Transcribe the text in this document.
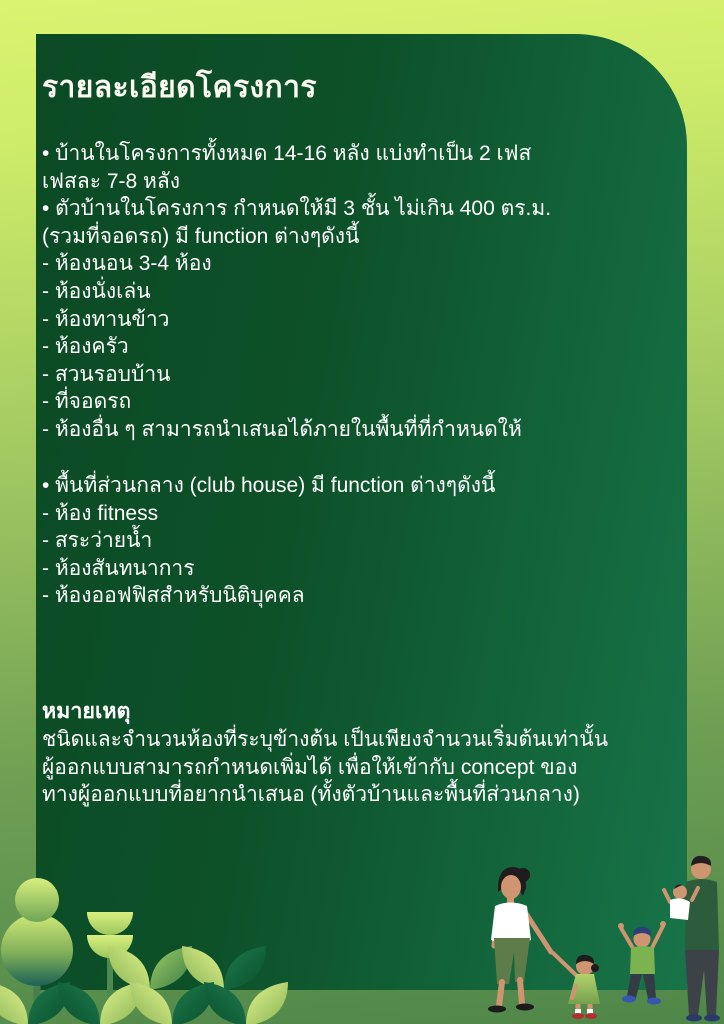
รายละเอียดโครงการ
• บ้านในโครงการทั้งหมด 14-16 หลัง แบ่งทำเป็น 2 เฟส
เฟสละ 7-8 หลัง
• ตัวบ้านในโครงการ กำหนดให้มี 3 ชั้น ไม่เกิน 400 ตร.ม.
(รวมที่จอดรถ) มี function ต่างๆดังนี้
- ห้องนอน 3-4 ห้อง
- ห้องนั่งเล่น
- ห้องทานข้าว
- ห้องครัว
- สวนรอบบ้าน
- ที่จอดรถ
- ห้องอื่น ๆ สามารถนำเสนอได้ภายในพื้นที่ที่กำหนดให้
• พื้นที่ส่วนกลาง (club house) มี function ต่างๆดังนี้
- ห้อง fitness
- สระว่ายน้ำ
- ห้องสันทนาการ
- ห้องออฟฟิสสำหรับนิติบุคคล
หมายเหตุ
ชนิดและจำนวนห้องที่ระบุข้างต้น เป็นเพียงจำนวนเริ่มต้นเท่านั้น
ผู้ออกแบบสามารถกำหนดเพิ่มได้ เพื่อให้เข้ากับ concept ของ
ทางผู้ออกแบบที่อยากนำเสนอ (ทั้งตัวบ้านและพื้นที่ส่วนกลาง)
